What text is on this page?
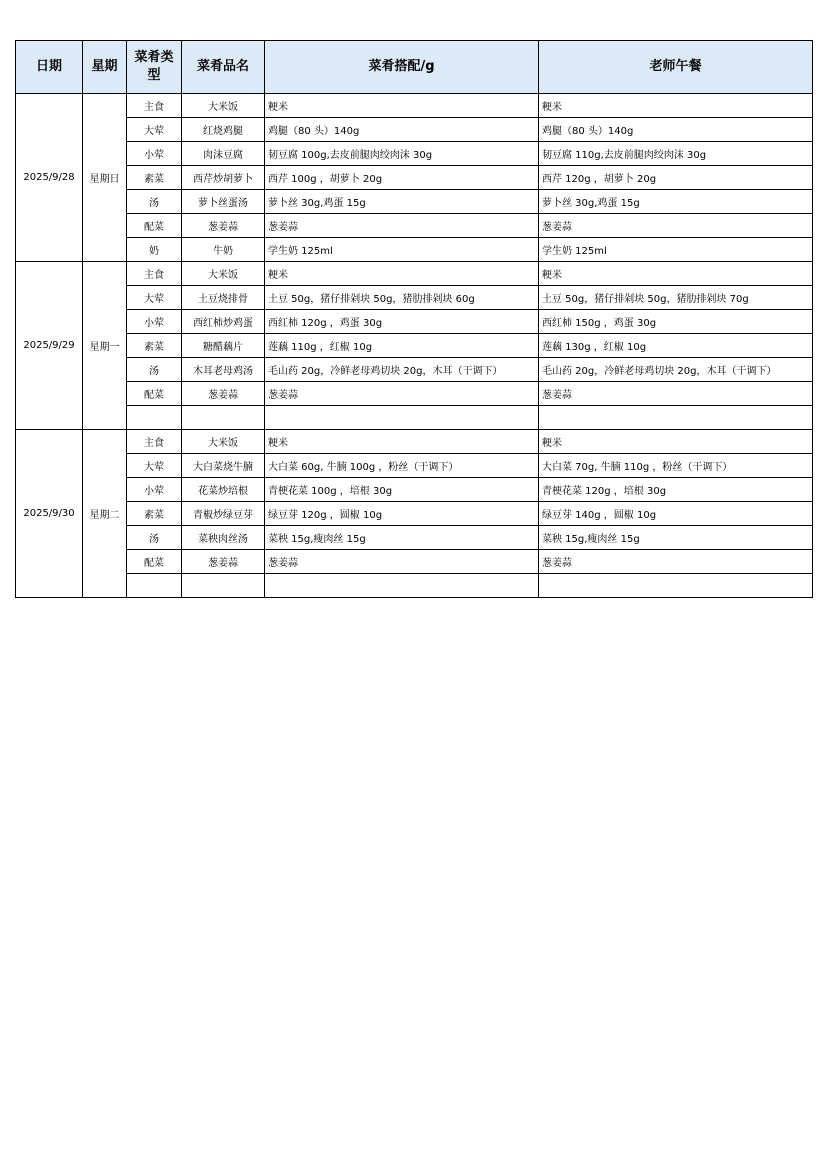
日期	星期	菜肴类型	菜肴品名	菜肴搭配/g	老师午餐
2025/9/28	星期日	主食	大米饭	粳米	粳米
		大荤	红烧鸡腿	鸡腿（80 头）140g	鸡腿（80 头）140g
		小荤	肉沫豆腐	韧豆腐 100g,去皮前腿肉绞肉沫 30g	韧豆腐 110g,去皮前腿肉绞肉沫 30g
		素菜	西芹炒胡萝卜	西芹 100g ，胡萝卜 20g	西芹 120g ，胡萝卜 20g
		汤	萝卜丝蛋汤	萝卜丝 30g,鸡蛋 15g	萝卜丝 30g,鸡蛋 15g
		配菜	葱姜蒜	葱姜蒜	葱姜蒜
		奶	牛奶	学生奶 125ml	学生奶 125ml
2025/9/29	星期一	主食	大米饭	粳米	粳米
		大荤	土豆烧排骨	土豆 50g，猪仔排剁块 50g，猪肋排剁块 60g	土豆 50g，猪仔排剁块 50g，猪肋排剁块 70g
		小荤	西红柿炒鸡蛋	西红柿 120g ，鸡蛋 30g	西红柿 150g ，鸡蛋 30g
		素菜	糖醋藕片	莲藕 110g ，红椒 10g	莲藕 130g ，红椒 10g
		汤	木耳老母鸡汤	毛山药 20g，冷鲜老母鸡切块 20g，木耳（干调下）	毛山药 20g，冷鲜老母鸡切块 20g，木耳（干调下）
		配菜	葱姜蒜	葱姜蒜	葱姜蒜

2025/9/30	星期二	主食	大米饭	粳米	粳米
		大荤	大白菜烧牛腩	大白菜 60g, 牛腩 100g ，粉丝（干调下）	大白菜 70g, 牛腩 110g ，粉丝（干调下）
		小荤	花菜炒培根	青梗花菜 100g ，培根 30g	青梗花菜 120g ，培根 30g
		素菜	青椒炒绿豆芽	绿豆芽 120g ，圆椒 10g	绿豆芽 140g ，圆椒 10g
		汤	菜秧肉丝汤	菜秧 15g,瘦肉丝 15g	菜秧 15g,瘦肉丝 15g
		配菜	葱姜蒜	葱姜蒜	葱姜蒜
